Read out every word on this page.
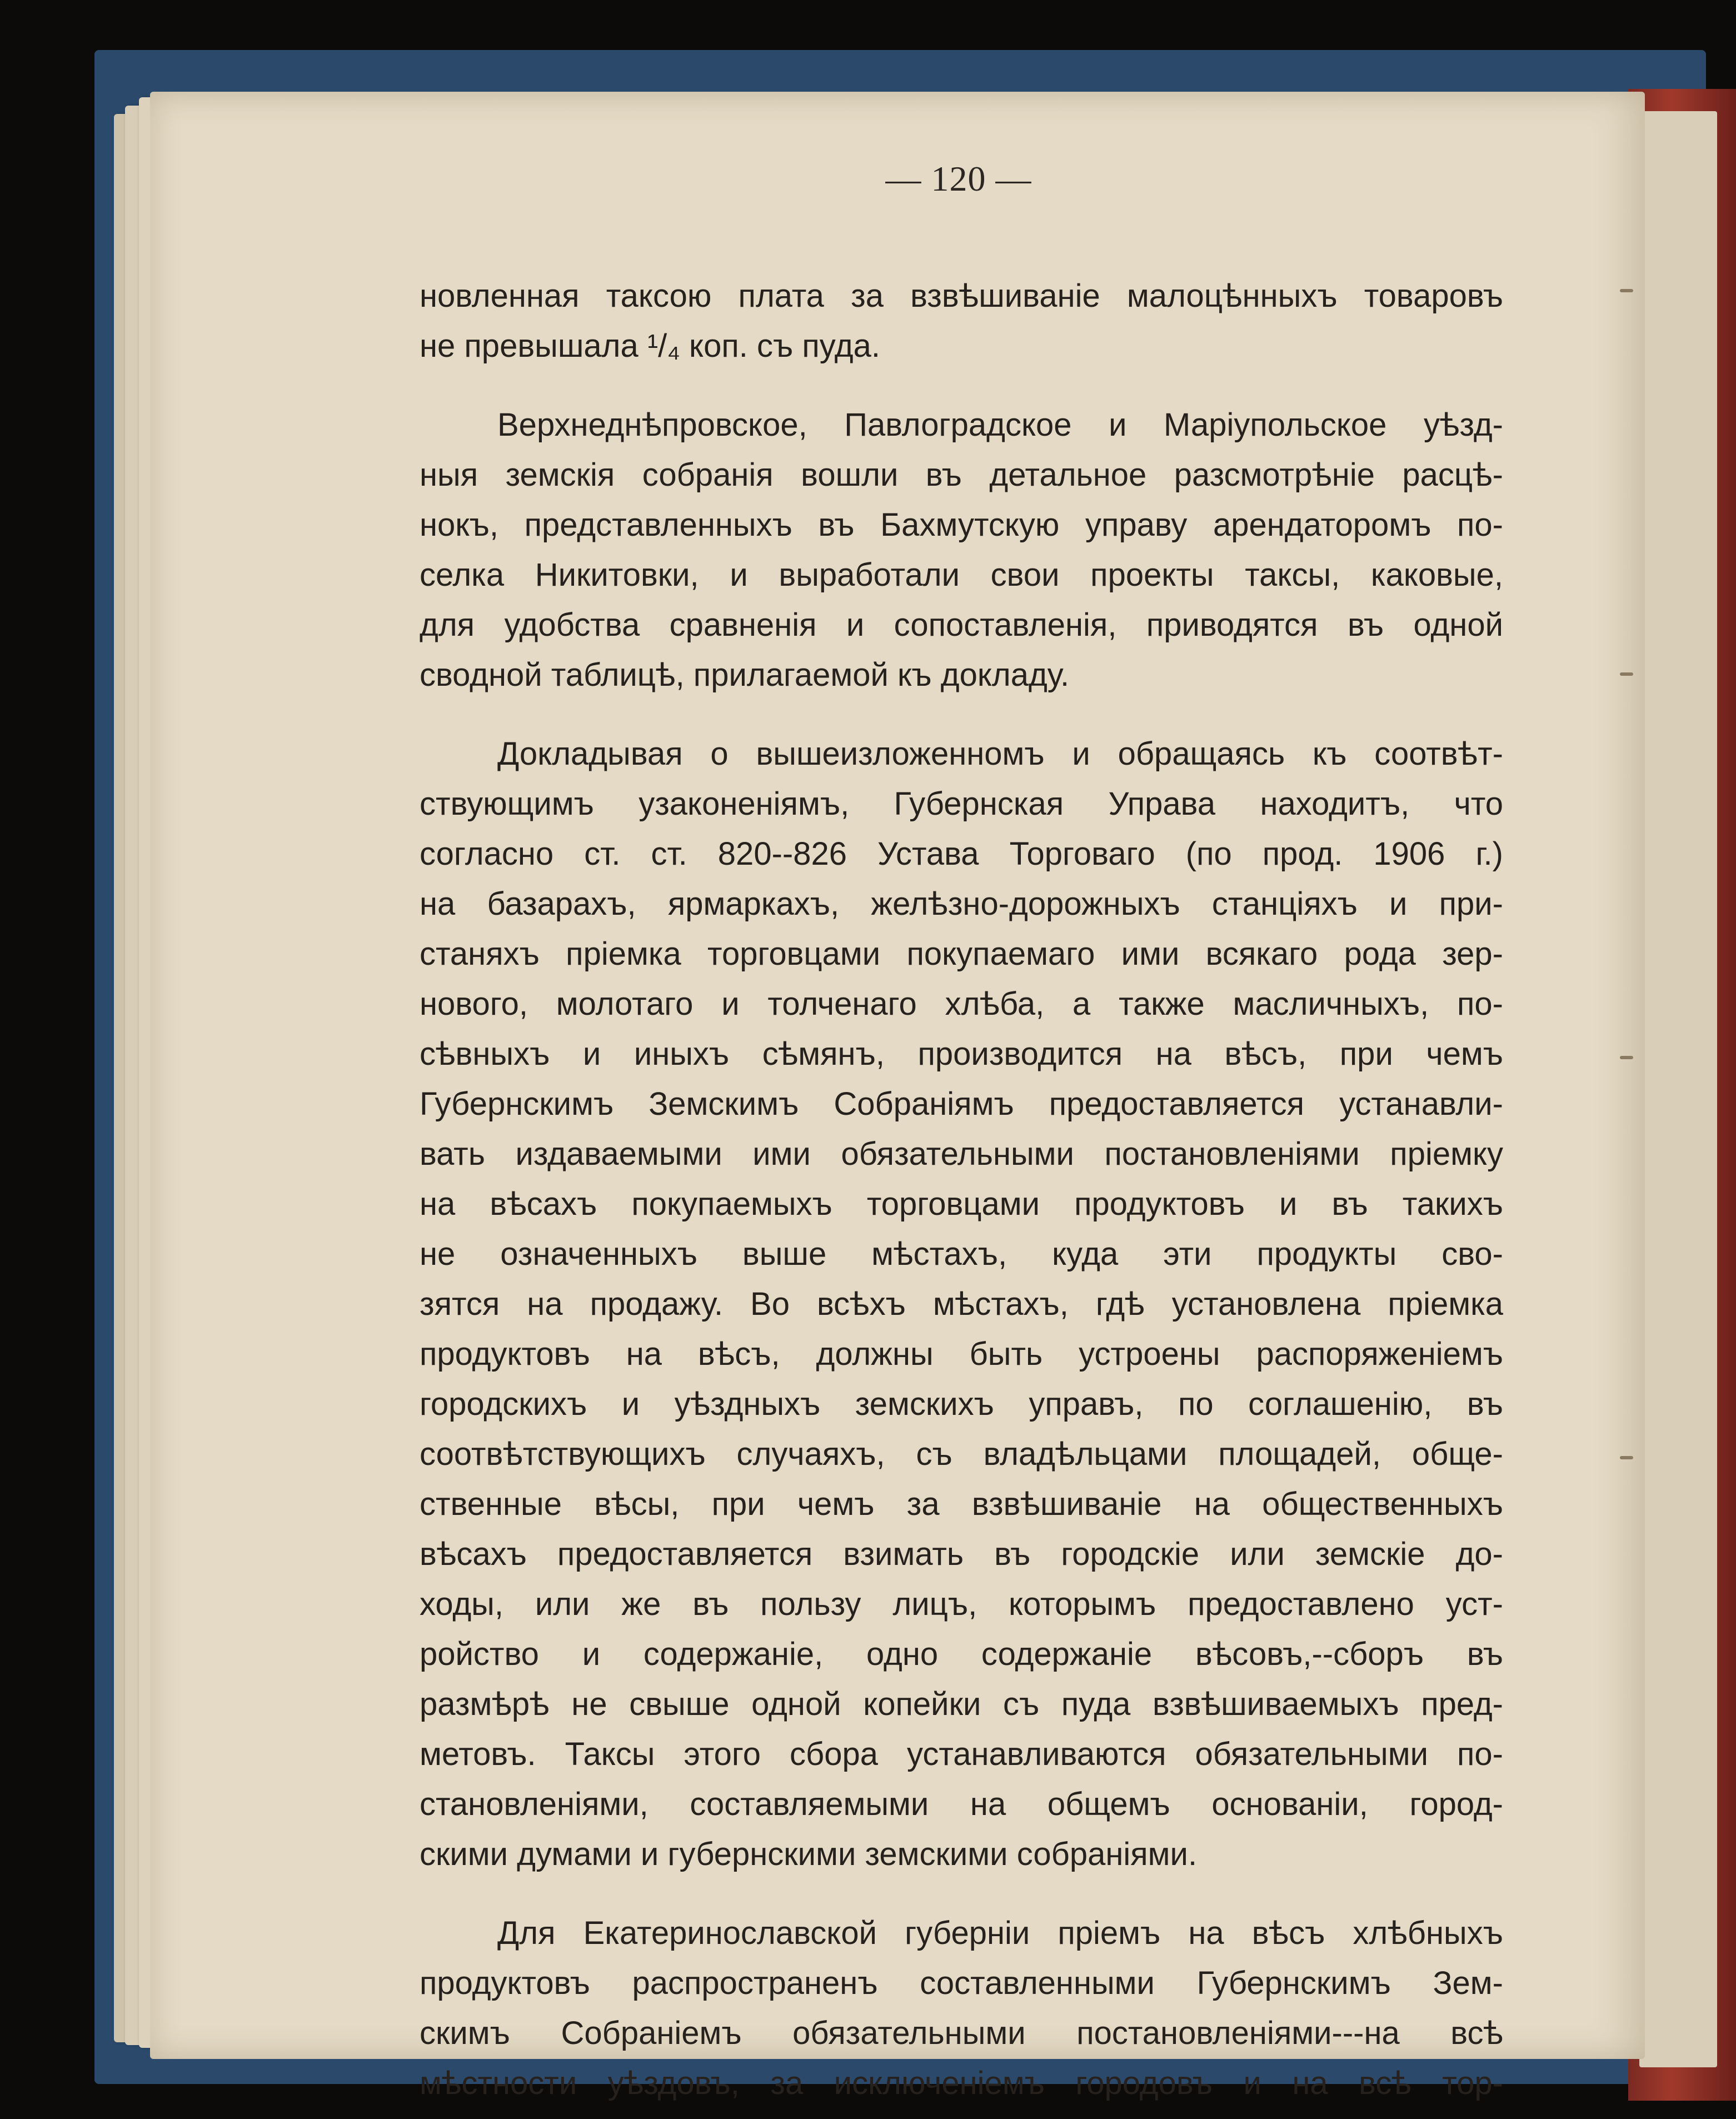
— 120 —
новленная таксою плата за взвѣшиваніе малоцѣнныхъ товаровъ
не превышала ¹/₄ коп. съ пуда.
Верхнеднѣпровское, Павлоградское и Маріупольское уѣзд-
ныя земскія собранія вошли въ детальное разсмотрѣніе расцѣ-
нокъ, представленныхъ въ Бахмутскую управу арендаторомъ по-
селка Никитовки, и выработали свои проекты таксы, каковые,
для удобства сравненія и сопоставленія, приводятся въ одной
сводной таблицѣ, прилагаемой къ докладу.
Докладывая о вышеизложенномъ и обращаясь къ соотвѣт-
ствующимъ узаконеніямъ, Губернская Управа находитъ, что
согласно ст. ст. 820--826 Устава Торговаго (по прод. 1906 г.)
на базарахъ, ярмаркахъ, желѣзно-дорожныхъ станціяхъ и при-
станяхъ пріемка торговцами покупаемаго ими всякаго рода зер-
нового, молотаго и толченаго хлѣба, а также масличныхъ, по-
сѣвныхъ и иныхъ сѣмянъ, производится на вѣсъ, при чемъ
Губернскимъ Земскимъ Собраніямъ предоставляется устанавли-
вать издаваемыми ими обязательными постановленіями пріемку
на вѣсахъ покупаемыхъ торговцами продуктовъ и въ такихъ
не означенныхъ выше мѣстахъ, куда эти продукты сво-
зятся на продажу. Во всѣхъ мѣстахъ, гдѣ установлена пріемка
продуктовъ на вѣсъ, должны быть устроены распоряженіемъ
городскихъ и уѣздныхъ земскихъ управъ, по соглашенію, въ
соотвѣтствующихъ случаяхъ, съ владѣльцами площадей, обще-
ственные вѣсы, при чемъ за взвѣшиваніе на общественныхъ
вѣсахъ предоставляется взимать въ городскіе или земскіе до-
ходы, или же въ пользу лицъ, которымъ предоставлено уст-
ройство и содержаніе, одно содержаніе вѣсовъ,--сборъ въ
размѣрѣ не свыше одной копейки съ пуда взвѣшиваемыхъ пред-
метовъ. Таксы этого сбора устанавливаются обязательными по-
становленіями, составляемыми на общемъ основаніи, город-
скими думами и губернскими земскими собраніями.
Для Екатеринославской губерніи пріемъ на вѣсъ хлѣбныхъ
продуктовъ распространенъ составленными Губернскимъ Зем-
скимъ Собраніемъ обязательными постановленіями---на всѣ
мѣстности уѣздовъ, за исключеніемъ городовъ и на всѣ тор-
